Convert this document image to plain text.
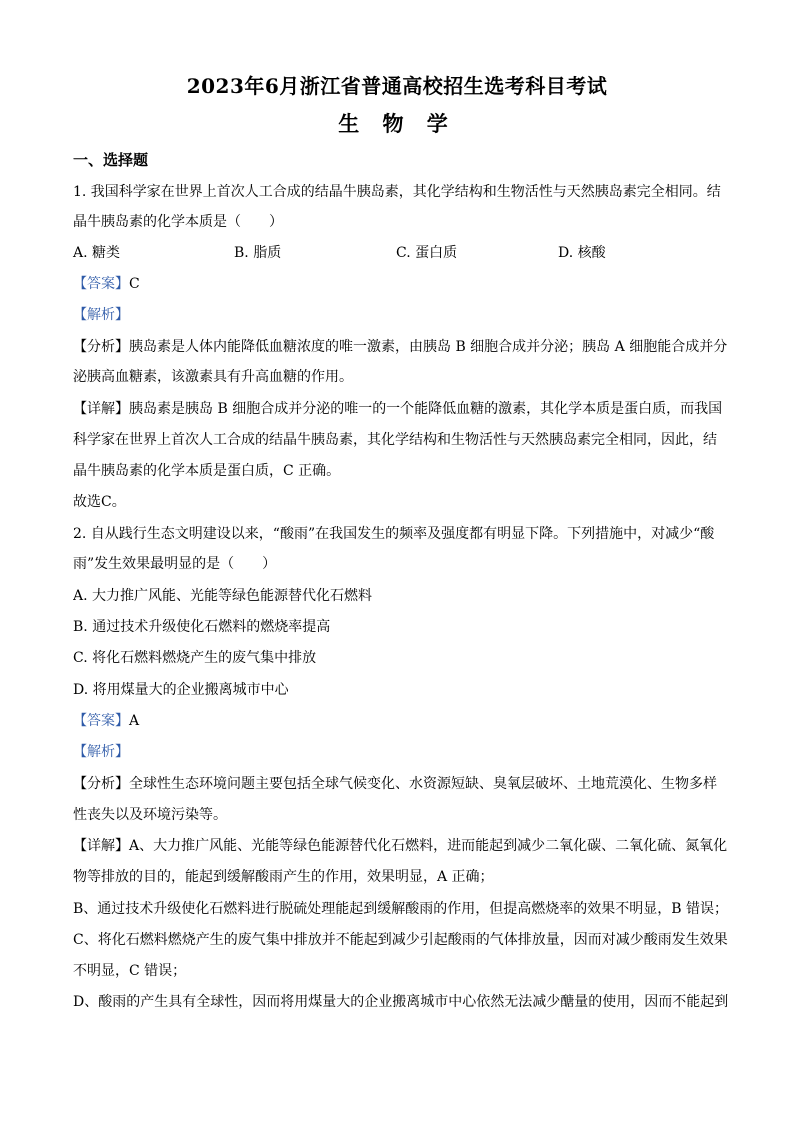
2023年6月浙江省普通高校招生选考科目考试
生 物 学
一、选择题
1. 我国科学家在世界上首次人工合成的结晶牛胰岛素，其化学结构和生物活性与天然胰岛素完全相同。结
晶牛胰岛素的化学本质是（　　）
A. 糖类	B. 脂质	C. 蛋白质	D. 核酸
【答案】C
【解析】
【分析】胰岛素是人体内能降低血糖浓度的唯一激素，由胰岛 B 细胞合成并分泌；胰岛 A 细胞能合成并分
泌胰高血糖素，该激素具有升高血糖的作用。
【详解】胰岛素是胰岛 B 细胞合成并分泌的唯一的一个能降低血糖的激素，其化学本质是蛋白质，而我国
科学家在世界上首次人工合成的结晶牛胰岛素，其化学结构和生物活性与天然胰岛素完全相同，因此，结
晶牛胰岛素的化学本质是蛋白质，C 正确。
故选C。
2. 自从践行生态文明建设以来，“酸雨”在我国发生的频率及强度都有明显下降。下列措施中，对减少“酸
雨”发生效果最明显的是（　　）
A. 大力推广风能、光能等绿色能源替代化石燃料
B. 通过技术升级使化石燃料的燃烧率提高
C. 将化石燃料燃烧产生的废气集中排放
D. 将用煤量大的企业搬离城市中心
【答案】A
【解析】
【分析】全球性生态环境问题主要包括全球气候变化、水资源短缺、臭氧层破坏、土地荒漠化、生物多样
性丧失以及环境污染等。
【详解】A、大力推广风能、光能等绿色能源替代化石燃料，进而能起到减少二氧化碳、二氧化硫、氮氧化
物等排放的目的，能起到缓解酸雨产生的作用，效果明显，A 正确；
B、通过技术升级使化石燃料进行脱硫处理能起到缓解酸雨的作用，但提高燃烧率的效果不明显，B 错误；
C、将化石燃料燃烧产生的废气集中排放并不能起到减少引起酸雨的气体排放量，因而对减少酸雨发生效果
不明显，C 错误；
D、酸雨的产生具有全球性，因而将用煤量大的企业搬离城市中心依然无法减少醣量的使用，因而不能起到
